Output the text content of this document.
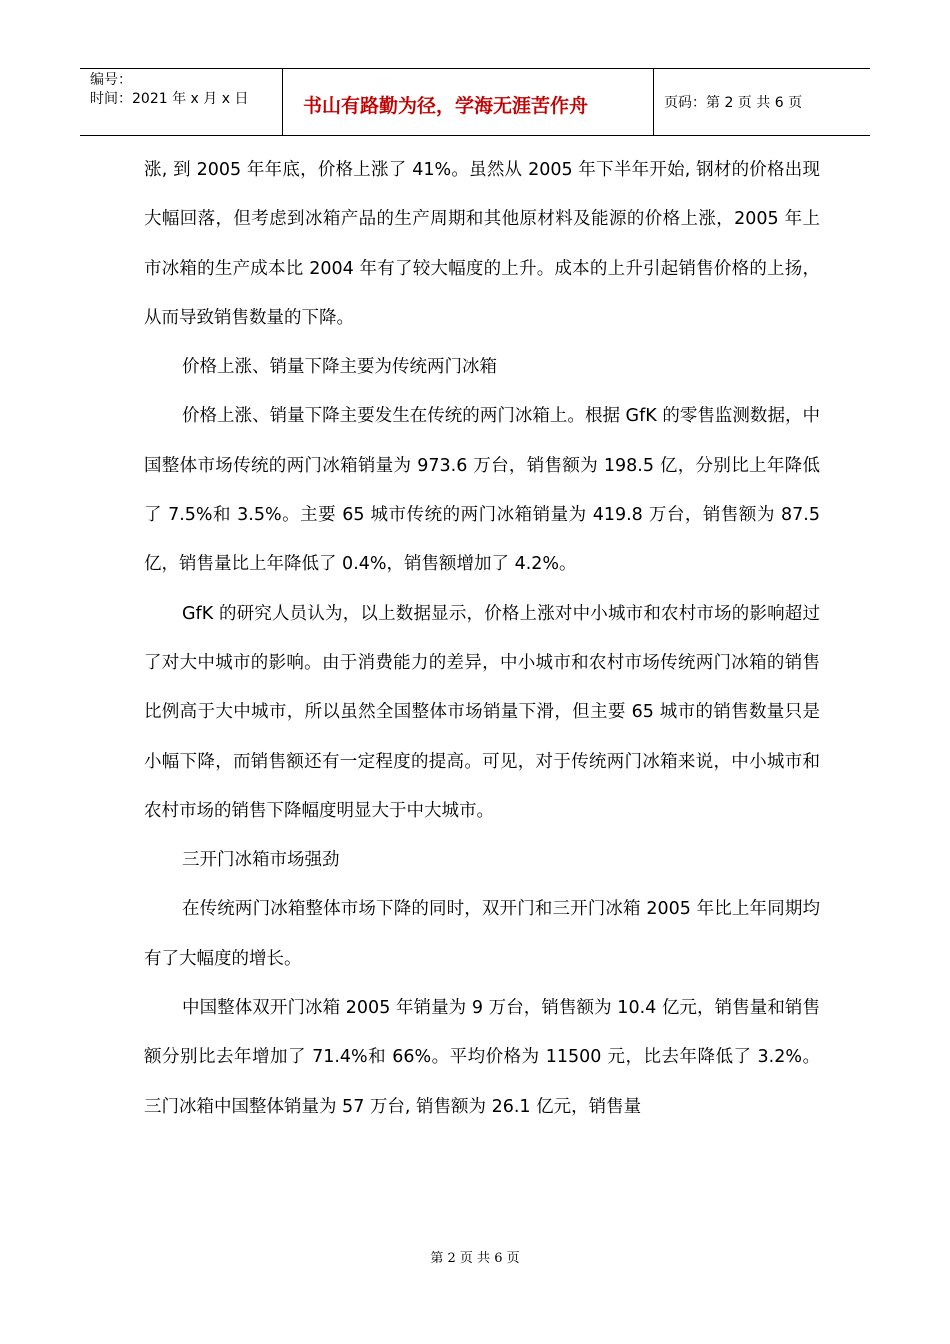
编号：
时间：2021 年 x 月 x 日	书山有路勤为径，学海无涯苦作舟	页码：第 2 页 共 6 页

涨, 到 2005 年年底，价格上涨了 41%。虽然从 2005 年下半年开始, 钢材的价格出现大幅回落，但考虑到冰箱产品的生产周期和其他原材料及能源的价格上涨，2005 年上市冰箱的生产成本比 2004 年有了较大幅度的上升。成本的上升引起销售价格的上扬，从而导致销售数量的下降。

价格上涨、销量下降主要为传统两门冰箱

价格上涨、销量下降主要发生在传统的两门冰箱上。根据 GfK 的零售监测数据，中国整体市场传统的两门冰箱销量为 973.6 万台，销售额为 198.5 亿，分别比上年降低了 7.5%和 3.5%。主要 65 城市传统的两门冰箱销量为 419.8 万台，销售额为 87.5 亿，销售量比上年降低了 0.4%，销售额增加了 4.2%。

GfK 的研究人员认为，以上数据显示，价格上涨对中小城市和农村市场的影响超过了对大中城市的影响。由于消费能力的差异，中小城市和农村市场传统两门冰箱的销售比例高于大中城市，所以虽然全国整体市场销量下滑，但主要 65 城市的销售数量只是小幅下降，而销售额还有一定程度的提高。可见，对于传统两门冰箱来说，中小城市和农村市场的销售下降幅度明显大于中大城市。

三开门冰箱市场强劲

在传统两门冰箱整体市场下降的同时，双开门和三开门冰箱 2005 年比上年同期均有了大幅度的增长。

中国整体双开门冰箱 2005 年销量为 9 万台，销售额为 10.4 亿元，销售量和销售额分别比去年增加了 71.4%和 66%。平均价格为 11500 元，比去年降低了 3.2%。三门冰箱中国整体销量为 57 万台, 销售额为 26.1 亿元，销售量

第 2 页 共 6 页
